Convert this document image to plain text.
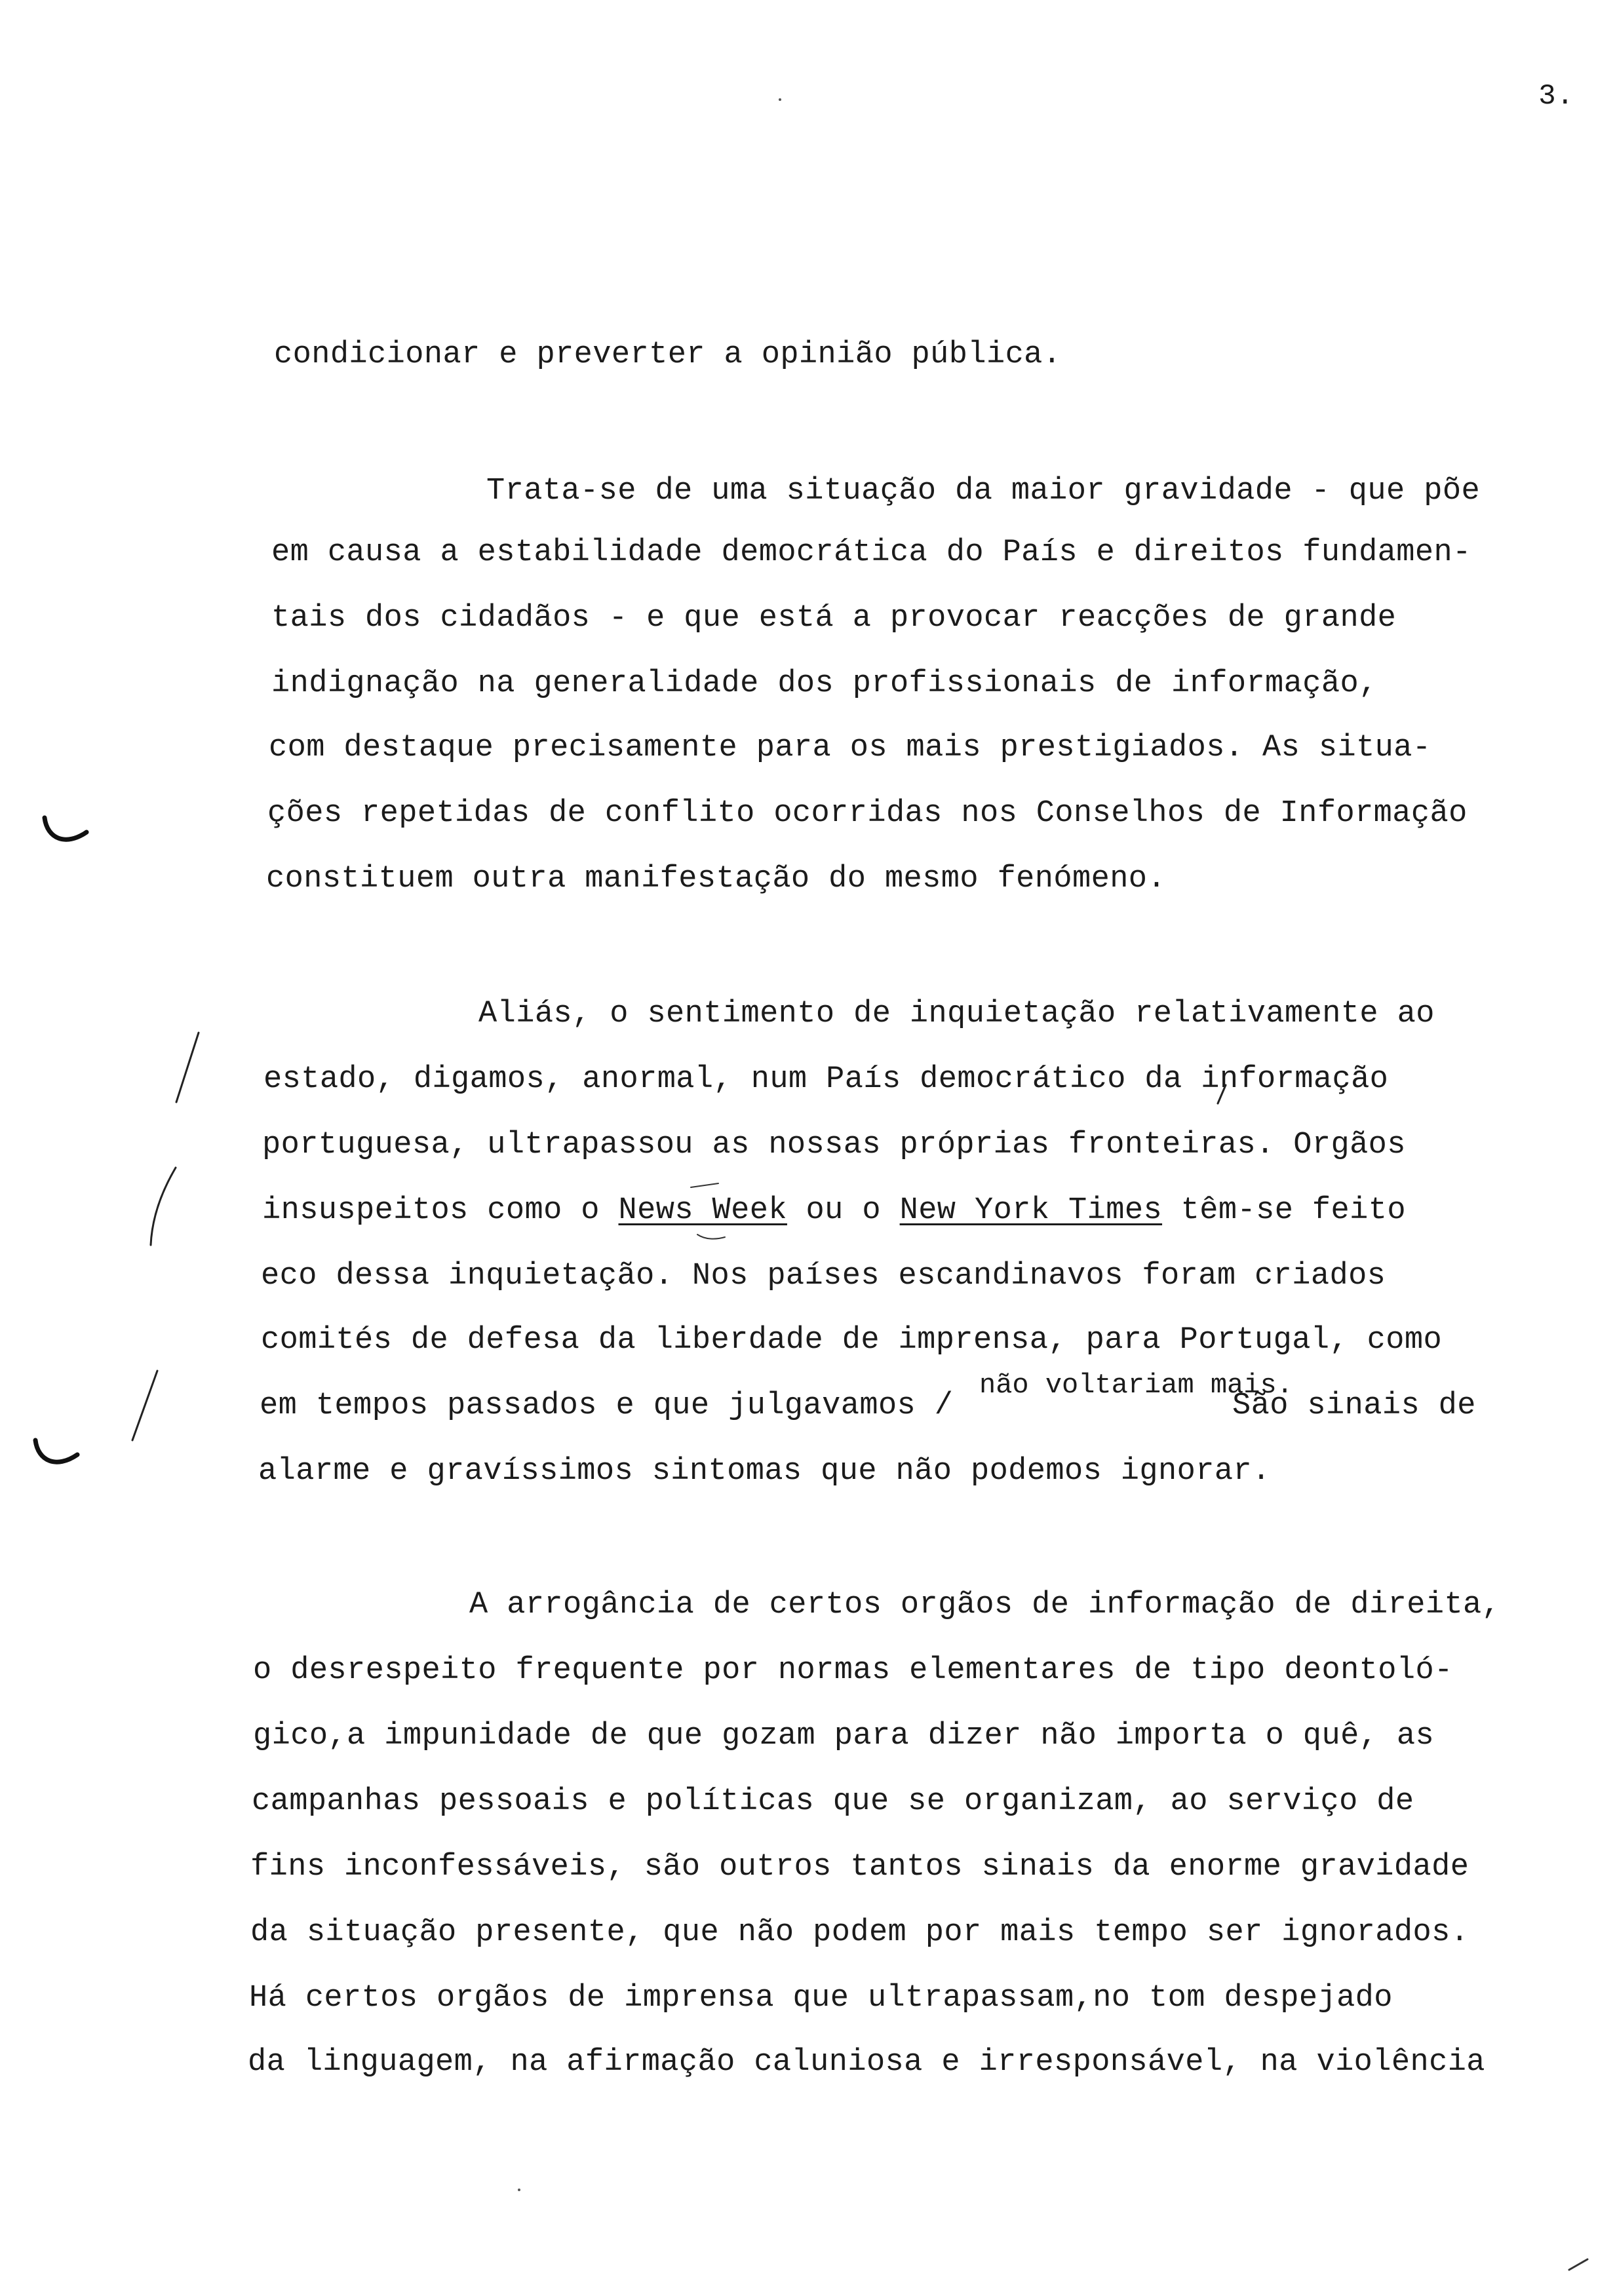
3.
condicionar e preverter a opinião pública.
Trata-se de uma situação da maior gravidade - que põe
em causa a estabilidade democrática do País e direitos fundamen-
tais dos cidadãos - e que está a provocar reacções de grande
indignação na generalidade dos profissionais de informação,
com destaque precisamente para os mais prestigiados. As situa-
ções repetidas de conflito ocorridas nos Conselhos de Informação
constituem outra manifestação do mesmo fenómeno.
Aliás, o sentimento de inquietação relativamente ao
estado, digamos, anormal, num País democrático da informação
portuguesa, ultrapassou as nossas próprias fronteiras. Orgãos
insuspeitos como o News Week ou o New York Times têm-se feito
eco dessa inquietação. Nos países escandinavos foram criados
comités de defesa da liberdade de imprensa, para Portugal, como
em tempos passados e que julgavamos /
não voltariam mais.
São sinais de
alarme e gravíssimos sintomas que não podemos ignorar.
A arrogância de certos orgãos de informação de direita,
o desrespeito frequente por normas elementares de tipo deontoló-
gico,a impunidade de que gozam para dizer não importa o quê, as
campanhas pessoais e políticas que se organizam, ao serviço de
fins inconfessáveis, são outros tantos sinais da enorme gravidade
da situação presente, que não podem por mais tempo ser ignorados.
Há certos orgãos de imprensa que ultrapassam,no tom despejado
da linguagem, na afirmação caluniosa e irresponsável, na violência
